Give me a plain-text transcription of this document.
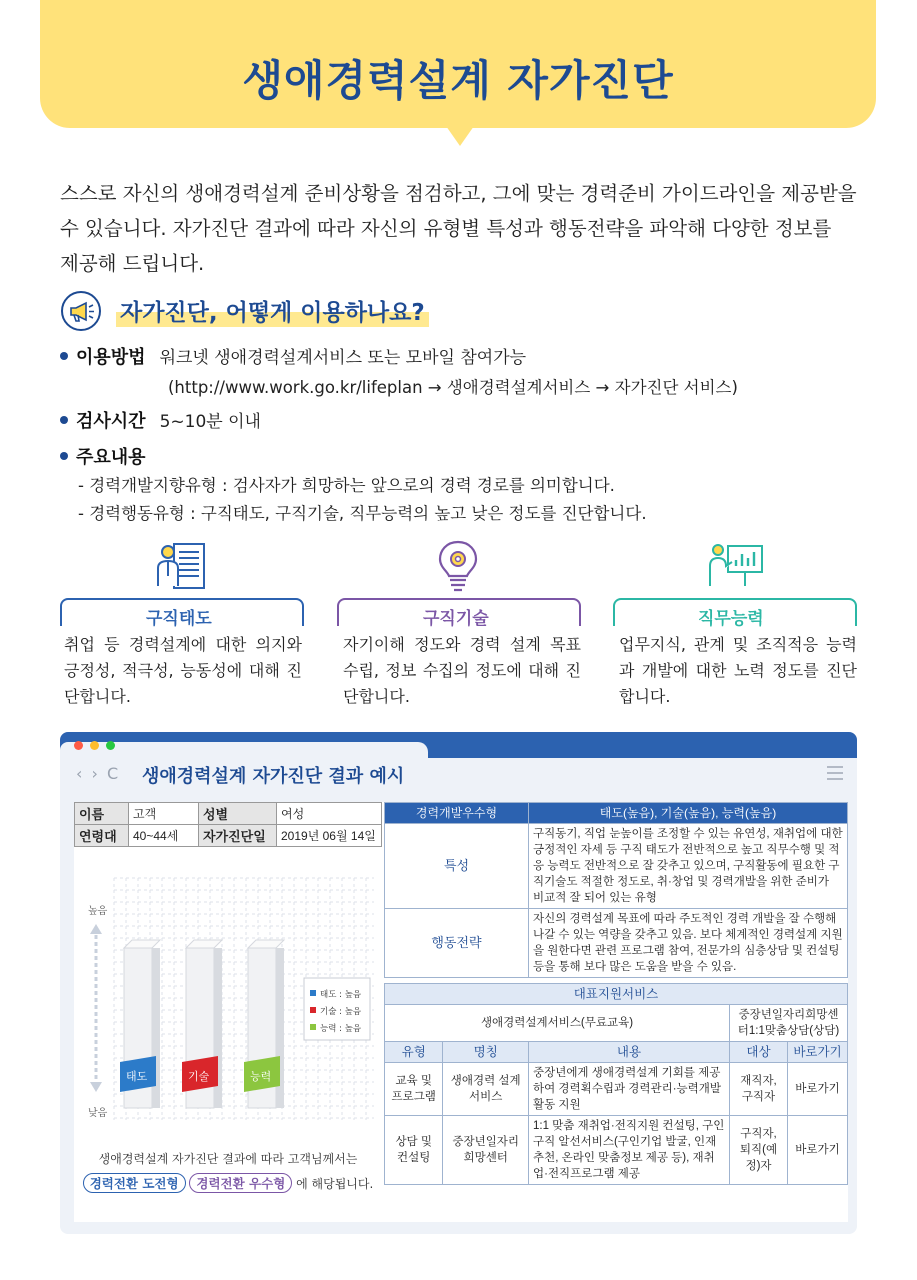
생애경력설계 자가진단
스스로 자신의 생애경력설계 준비상황을 점검하고, 그에 맞는 경력준비 가이드라인을 제공받을 수 있습니다. 자가진단 결과에 따라 자신의 유형별 특성과 행동전략을 파악해 다양한 정보를 제공해 드립니다.
자가진단, 어떻게 이용하나요?
이용방법 워크넷 생애경력설계서비스 또는 모바일 참여가능
(http://www.work.go.kr/lifeplan → 생애경력설계서비스 → 자가진단 서비스)
검사시간 5~10분 이내
주요내용
- 경력개발지향유형 : 검사자가 희망하는 앞으로의 경력 경로를 의미합니다.
- 경력행동유형 : 구직태도, 구직기술, 직무능력의 높고 낮은 정도를 진단합니다.
구직태도
취업 등 경력설계에 대한 의지와 긍정성, 적극성, 능동성에 대해 진단합니다.
구직기술
자기이해 정도와 경력 설계 목표 수립, 정보 수집의 정도에 대해 진단합니다.
직무능력
업무지식, 관계 및 조직적응 능력과 개발에 대한 노력 정도를 진단합니다.
‹ › C 생애경력설계 자가진단 결과 예시
이름	고객	성별	여성
연령대	40~44세	자가진단일	2019년 06월 14일
높음
낮음
태도	기술	능력
태도 : 높음
기술 : 높음
능력 : 높음
생애경력설계 자가진단 결과에 따라 고객님께서는
경력전환 도전형 경력전환 우수형 에 해당됩니다.
경력개발우수형		태도(높음), 기술(높음), 능력(높음)		
특성		구직동기, 직업 눈높이를 조정할 수 있는 유연성, 재취업에 대한 긍정적인 자세 등 구직 태도가 전반적으로 높고 직무수행 및 적응 능력도 전반적으로 잘 갖추고 있으며, 구직활동에 필요한 구직기술도 적절한 정도로, 취·창업 및 경력개발을 위한 준비가 비교적 잘 되어 있는 유형		
행동전략		자신의 경력설계 목표에 따라 주도적인 경력 개발을 잘 수행해 나갈 수 있는 역량을 갖추고 있음. 보다 체계적인 경력설계 지원을 원한다면 관련 프로그램 참여, 전문가의 심층상담 및 컨설팅등을 통해 보다 많은 도움을 받을 수 있음.		

대표지원서비스				
생애경력설계서비스(무료교육)			중장년일자리희망센터1:1맞춤상담(상담)	
유형	명칭	내용	대상	바로가기
교육 및 프로그램	생애경력 설계 서비스	중장년에게 생애경력설계 기회를 제공하여 경력획수립과 경력관리·능력개발 활동 지원	재직자, 구직자	바로가기
상담 및 컨설팅	중장년일자리 희망센터	1:1 맞춤 재취업·전직지원 컨설팅, 구인 구직 알선서비스(구인기업 발굴, 인재 추천, 온라인 맞춤정보 제공 등), 재취업·전직프로그램 제공	구직자, 퇴직(예정)자	바로가기
